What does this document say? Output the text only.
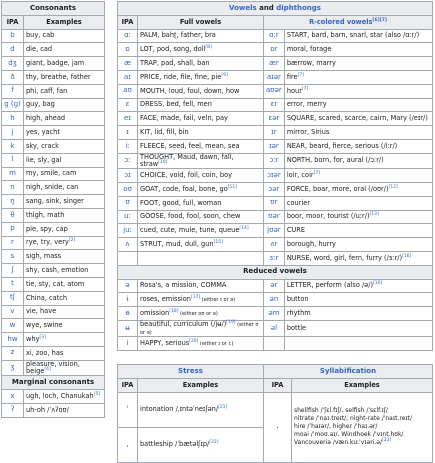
Consonants	
IPA	Examples
b	buy, cab
d	die, cad
dʒ	giant, badge, jam
ð	thy, breathe, father
f	phi, caff, fan
ɡ (ɡ)	guy, bag
h	high, ahead
j	yes, yacht
k	sky, crack
l	lie, sly, gal
m	my, smile, cam
n	nigh, snide, can
ŋ	sang, sink, singer
θ	thigh, math
p	pie, spy, cap
r	rye, try, very[2]
s	sigh, mass
ʃ	shy, cash, emotion
t	tie, sty, cat, atom
tʃ	China, catch
v	vie, have
w	wye, swine
hw	why[3]
z	xi, zoo, has
ʒ	pleasure, vision, beige[4]
Marginal consonants	
x	ugh, loch, Chanukah[5]
ʔ	uh-oh /ˈʌʔoʊ/
Vowels and diphthongs			
IPA	Full vowels	R-colored vowels[6][7]
ɑː	PALM, bahʈ, father, bra	ɑːr	START, bard, barn, snarl, star (also /ɑːr/)
ɒ	LOT, pod, song, doll[8]	ɒr	moral, forage
æ	TRAP, pad, shall, ban	ær	bærrow, marry
aɪ	PRICE, ride, file, fine, pie[9]	aɪər	fire[7]
aʊ	MOUTH, loud, foul, down, how	aʊər	hour[7]
ɛ	DRESS, bed, fell, men	ɛr	error, merry
eɪ	FACE, made, fail, veln, pay	ɛər	SQUARE, scared, scarce, cairn, Mary (/eɪr/)
ɪ	KIT, lid, fill, bin	ɪr	mirror, Sirius
iː	FLEECE, seed, feel, mean, sea	ɪər	NEAR, beard, fierce, serious (/iːr/)
ɔː	THOUGHT, Maud, dawn, fall, straw[10]	ɔːr	NORTH, born, for, aural (/ɔːr/)
ɔɪ	CHOICE, void, foil, coin, boy	ɔɪər	loir, coir[7]
oʊ	GOAT, code, foal, bone, go[11]	ɔər	FORCE, boar, more, oral (/oʊr/)[12]
ʊ	FOOT, good, full, woman	ʊr	courier
uː	GOOSE, food, fool, soon, chew	ʊər	boor, moor, tourist (/uːr/)[13]
juː	cued, cute, mule, tune, queue[14]	jʊər	CURE
ʌ	STRUT, mud, dull, gun[15]	ʌr	borough, hurry
		ɜːr	NURSE, word, girl, fern, furry (/ɜːr/)[16]
Reduced vowels			
ə	Rosa's, a mission, COMMA	ər	LETTER, perform (also /ə/)[16]
ɨ	roses, emission[17] (either ɪ or ə)	ən	button
ɵ	omission[18] (either oʊ or ə)	əm	rhythm
ʉ	beautiful, curriculum (/jʉ/)[19] (either ʊ or ə)	əl	bottle
i	HAPPY, serious[20] (either ɪ or iː)		
Stress		Syllabification	
IPA	Examples	IPA	Examples
ˈ	intonation /ˌɪntəˈneɪʃən/[21]	.	shellfish /ˈʃɛl.fɪʃ/, selfish /ˈsɛlf.ɪʃ/
nitrate /ˈnaɪ.treɪt/, night-rate /ˈnaɪt.reɪt/
hire /ˈhaɪər/, higher /ˈhaɪ.ər/
moai /ˈmoʊ.aɪ/, Windhoek /ˈvɪnt.hʊk/
Vancouveria /væn.kuːˈvɪəri.ə/[23]

ˌ	battleship /ˈbætəlʃɪp/[22]
